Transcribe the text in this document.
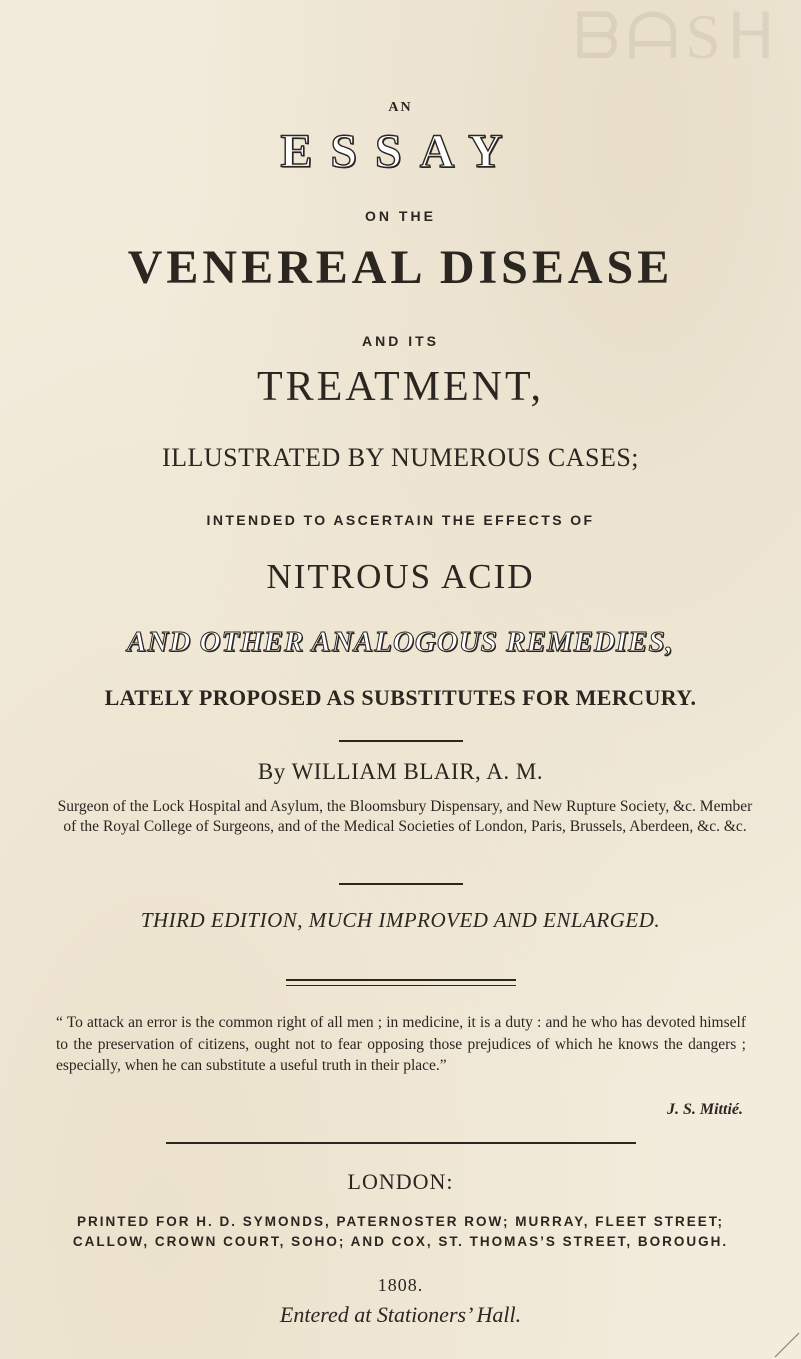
ᗷᗩSᕼ
AN
ESSAY
ON THE
VENEREAL DISEASE
AND ITS
TREATMENT,
ILLUSTRATED BY NUMEROUS CASES;
INTENDED TO ASCERTAIN THE EFFECTS OF
NITROUS ACID
AND OTHER ANALOGOUS REMEDIES,
LATELY PROPOSED AS SUBSTITUTES FOR MERCURY.
By WILLIAM BLAIR, A. M.
Surgeon of the Lock Hospital and Asylum, the Bloomsbury Dispensary, and New Rupture Society, &c. Member of the Royal College of Surgeons, and of the Medical Societies of London, Paris, Brussels, Aberdeen, &c. &c.
THIRD EDITION, MUCH IMPROVED AND ENLARGED.
“ To attack an error is the common right of all men ; in medicine, it is a duty : and he who has devoted himself to the preservation of citizens, ought not to fear opposing those prejudices of which he knows the dangers ; especially, when he can substitute a useful truth in their place.”
J. S. Mittié.
LONDON:
PRINTED FOR H. D. SYMONDS, PATERNOSTER ROW; MURRAY, FLEET STREET; CALLOW, CROWN COURT, SOHO; AND COX, ST. THOMAS’S STREET, BOROUGH.
1808.
Entered at Stationers’ Hall.
